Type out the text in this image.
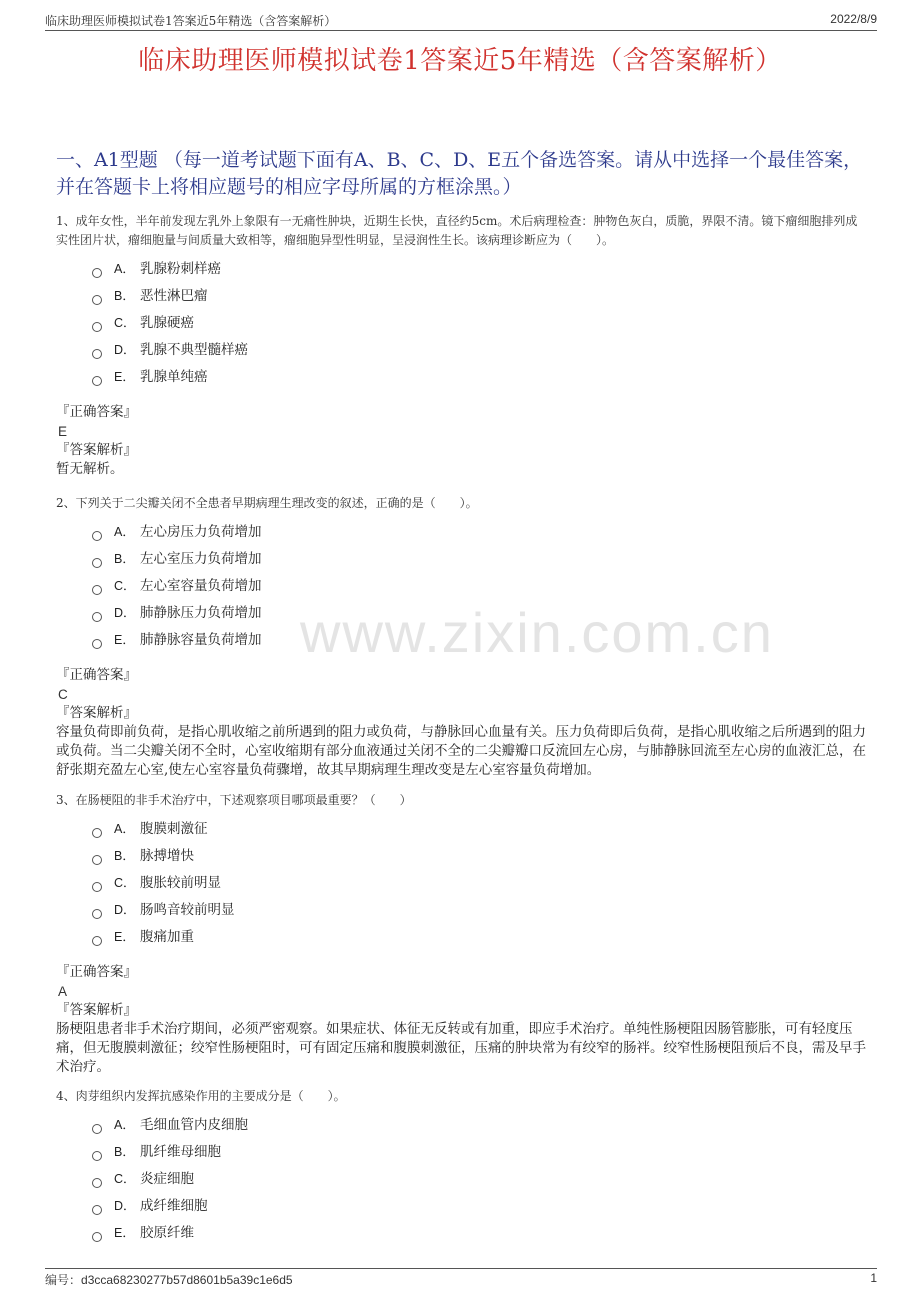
临床助理医师模拟试卷1答案近5年精选（含答案解析）	2022/8/9
临床助理医师模拟试卷1答案近5年精选（含答案解析）
www.zixin.com.cn
一、A1型题 （每一道考试题下面有A、B、C、D、E五个备选答案。请从中选择一个最佳答案，并在答题卡上将相应题号的相应字母所属的方框涂黑。）

1、成年女性，半年前发现左乳外上象限有一无痛性肿块，近期生长快，直径约5cm。术后病理检查：肿物色灰白，质脆，界限不清。镜下瘤细胞排列成实性团片状，瘤细胞量与间质量大致相等，瘤细胞异型性明显，呈浸润性生长。该病理诊断应为（　　）。

A． 乳腺粉刺样癌
B． 恶性淋巴瘤
C． 乳腺硬癌
D． 乳腺不典型髓样癌
E． 乳腺单纯癌
『正确答案』
E
『答案解析』
暂无解析。

2、下列关于二尖瓣关闭不全患者早期病理生理改变的叙述，正确的是（　　）。

A． 左心房压力负荷增加
B． 左心室压力负荷增加
C． 左心室容量负荷增加
D． 肺静脉压力负荷增加
E． 肺静脉容量负荷增加
『正确答案』
C
『答案解析』
容量负荷即前负荷，是指心肌收缩之前所遇到的阻力或负荷，与静脉回心血量有关。压力负荷即后负荷，是指心肌收缩之后所遇到的阻力或负荷。当二尖瓣关闭不全时，心室收缩期有部分血液通过关闭不全的二尖瓣瓣口反流回左心房，与肺静脉回流至左心房的血液汇总，在舒张期充盈左心室,使左心室容量负荷骤增，故其早期病理生理改变是左心室容量负荷增加。

3、在肠梗阻的非手术治疗中，下述观察项目哪项最重要？（　　）

A． 腹膜刺激征
B． 脉搏增快
C． 腹胀较前明显
D． 肠鸣音较前明显
E． 腹痛加重
『正确答案』
A
『答案解析』
肠梗阻患者非手术治疗期间，必须严密观察。如果症状、体征无反转或有加重，即应手术治疗。单纯性肠梗阻因肠管膨胀，可有轻度压痛，但无腹膜刺激征；绞窄性肠梗阻时，可有固定压痛和腹膜刺激征，压痛的肿块常为有绞窄的肠袢。绞窄性肠梗阻预后不良，需及早手术治疗。

4、肉芽组织内发挥抗感染作用的主要成分是（　　）。

A． 毛细血管内皮细胞
B． 肌纤维母细胞
C． 炎症细胞
D． 成纤维细胞
E． 胶原纤维
编号：d3cca68230277b57d8601b5a39c1e6d5	1
